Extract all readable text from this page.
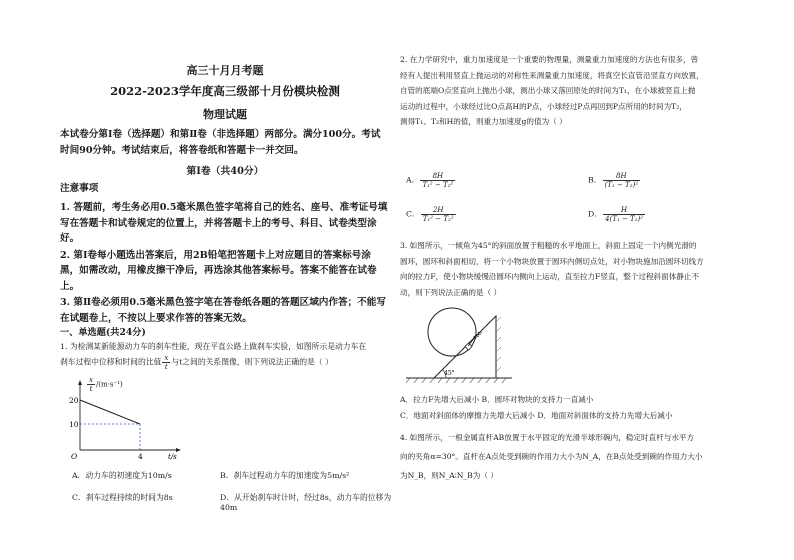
高三十月月考题
2022-2023学年度高三级部十月份模块检测
物理试题
本试卷分第Ⅰ卷（选择题）和第Ⅱ卷（非选择题）两部分。满分100分。考试
时间90分钟。考试结束后，将答卷纸和答题卡一并交回。
第Ⅰ卷（共40分）
注意事项

1. 答题前，考生务必用0.5毫米黑色签字笔将自己的姓名、座号、准考证号填写在答题卡和试卷规定的位置上，并将答题卡上的考号、科目、试卷类型涂好。

2. 第Ⅰ卷每小题选出答案后，用2B铅笔把答题卡上对应题目的答案标号涂黑，如需改动，用橡皮擦干净后，再选涂其他答案标号。答案不能答在试卷上。

3. 第Ⅱ卷必须用0.5毫米黑色签字笔在答卷纸各题的答题区域内作答；不能写在试题卷上，不按以上要求作答的答案无效。

一、单选题(共24分)
1. 为检测某新能源动力车的刹车性能，现在平直公路上做刹车实验，如图所示是动力车在
刹车过程中位移和时间的比值 $\frac{x}{t}$ 与t之间的关系图像，则下列说法正确的是（ ）
20
10
4
O	t/s
$\frac{x}{t} /(m\cdot s^{-1})$
A．动力车的初速度为10m/s	B．刹车过程动力车的加速度为5m/s²
C．刹车过程持续的时间为8s	D．从开始刹车时计时，经过8s，动力车的位移为40m
2. 在力学研究中，重力加速度是一个重要的物理量，测量重力加速度的方法也有很多，曾
经有人提出利用竖直上抛运动的对称性来测量重力加速度，将真空长直管沿竖直方向放置，
自管的底端O点竖直向上抛出小球，测出小球又落回原处的时间为T₁，在小球被竖直上抛
运动的过程中，小球经过比O点高H的P点，小球经过P点再回到P点所用的时间为T₂，
测得T₁、T₂和H的值，则重力加速度g的值为（ ）
A． $\frac{8H}{\text{T₁² − T₂²}}$	B． $\frac{8H}{\text{(T₁ − T₂)²}}$
C． $\frac{2H}{\text{T₁² − T₂²}}$	D． $\frac{H}{\text{4(T₁ − T₂)²}}$
3. 如图所示，一倾角为45°的斜面放置于粗糙的水平地面上，斜面上固定一个内侧光滑的
圆环，圆环和斜面相切，将一个小物块放置于圆环内侧切点处，对小物块施加沿圆环切线方
向的拉力F，使小物块缓慢沿圆环内侧向上运动，直至拉力F竖直，整个过程斜面体静止不
动，则下列说法正确的是（ ）
F
45°
A．拉力F先增大后减小 B．圆环对物块的支持力一直减小
C．地面对斜面体的摩擦力先增大后减小 D．地面对斜面体的支持力先增大后减小
4. 如图所示，一根金属直杆AB放置于水平固定的光滑半球形碗内，稳定时直杆与水平方
向的夹角α=30°。直杆在A点处受到碗的作用力大小为N_A，在B点处受到碗的作用力大小
为N_B，则N_A∶N_B为（ ）
